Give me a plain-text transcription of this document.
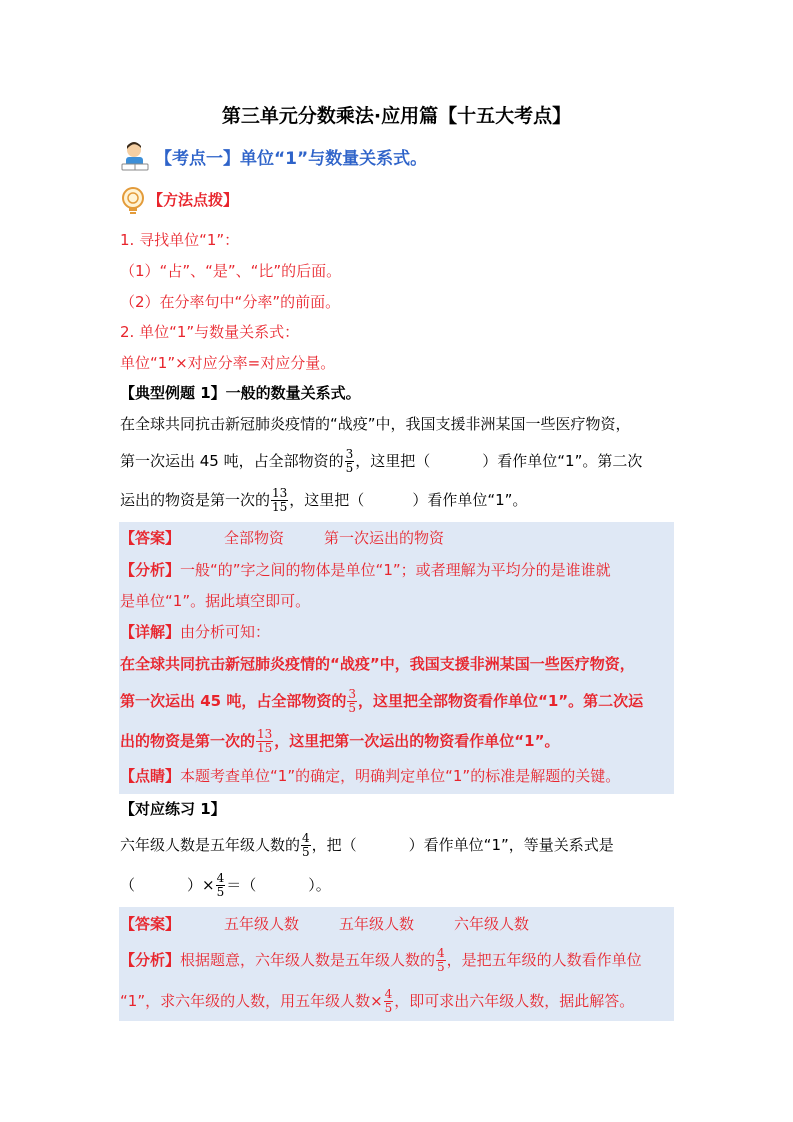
第三单元分数乘法·应用篇【十五大考点】
【考点一】单位“1”与数量关系式。
【方法点拨】
1. 寻找单位“1”：
（1）“占”、“是”、“比”的后面。
（2）在分率句中“分率”的前面。
2. 单位“1”与数量关系式：
单位“1”×对应分率=对应分量。
【典型例题 1】一般的数量关系式。
在全球共同抗击新冠肺炎疫情的“战疫”中，我国支援非洲某国一些医疗物资，
第一次运出 45 吨，占全部物资的 $\frac{3}{5}$ ，这里把（	）看作单位“1”。第二次
运出的物资是第一次的 $\frac{13}{15}$ ，这里把（	）看作单位“1”。
【答案】	全部物资	第一次运出的物资
【分析】一般“的”字之间的物体是单位“1”；或者理解为平均分的是谁谁就
是单位“1”。据此填空即可。
【详解】由分析可知：
在全球共同抗击新冠肺炎疫情的“战疫”中，我国支援非洲某国一些医疗物资，
第一次运出 45 吨，占全部物资的 $\frac{3}{5}$ ，这里把全部物资看作单位“1”。第二次运
出的物资是第一次的 $\frac{13}{15}$ ，这里把第一次运出的物资看作单位“1”。
【点睛】本题考查单位“1”的确定，明确判定单位“1”的标准是解题的关键。
【对应练习 1】
六年级人数是五年级人数的 $\frac{4}{5}$ ，把（	）看作单位“1”，等量关系式是
（	）× $\frac{4}{5}$ ＝（	）。
【答案】	五年级人数	五年级人数	六年级人数
【分析】根据题意，六年级人数是五年级人数的 $\frac{4}{5}$ ，是把五年级的人数看作单位
“1”，求六年级的人数，用五年级人数× $\frac{4}{5}$ ，即可求出六年级人数，据此解答。
